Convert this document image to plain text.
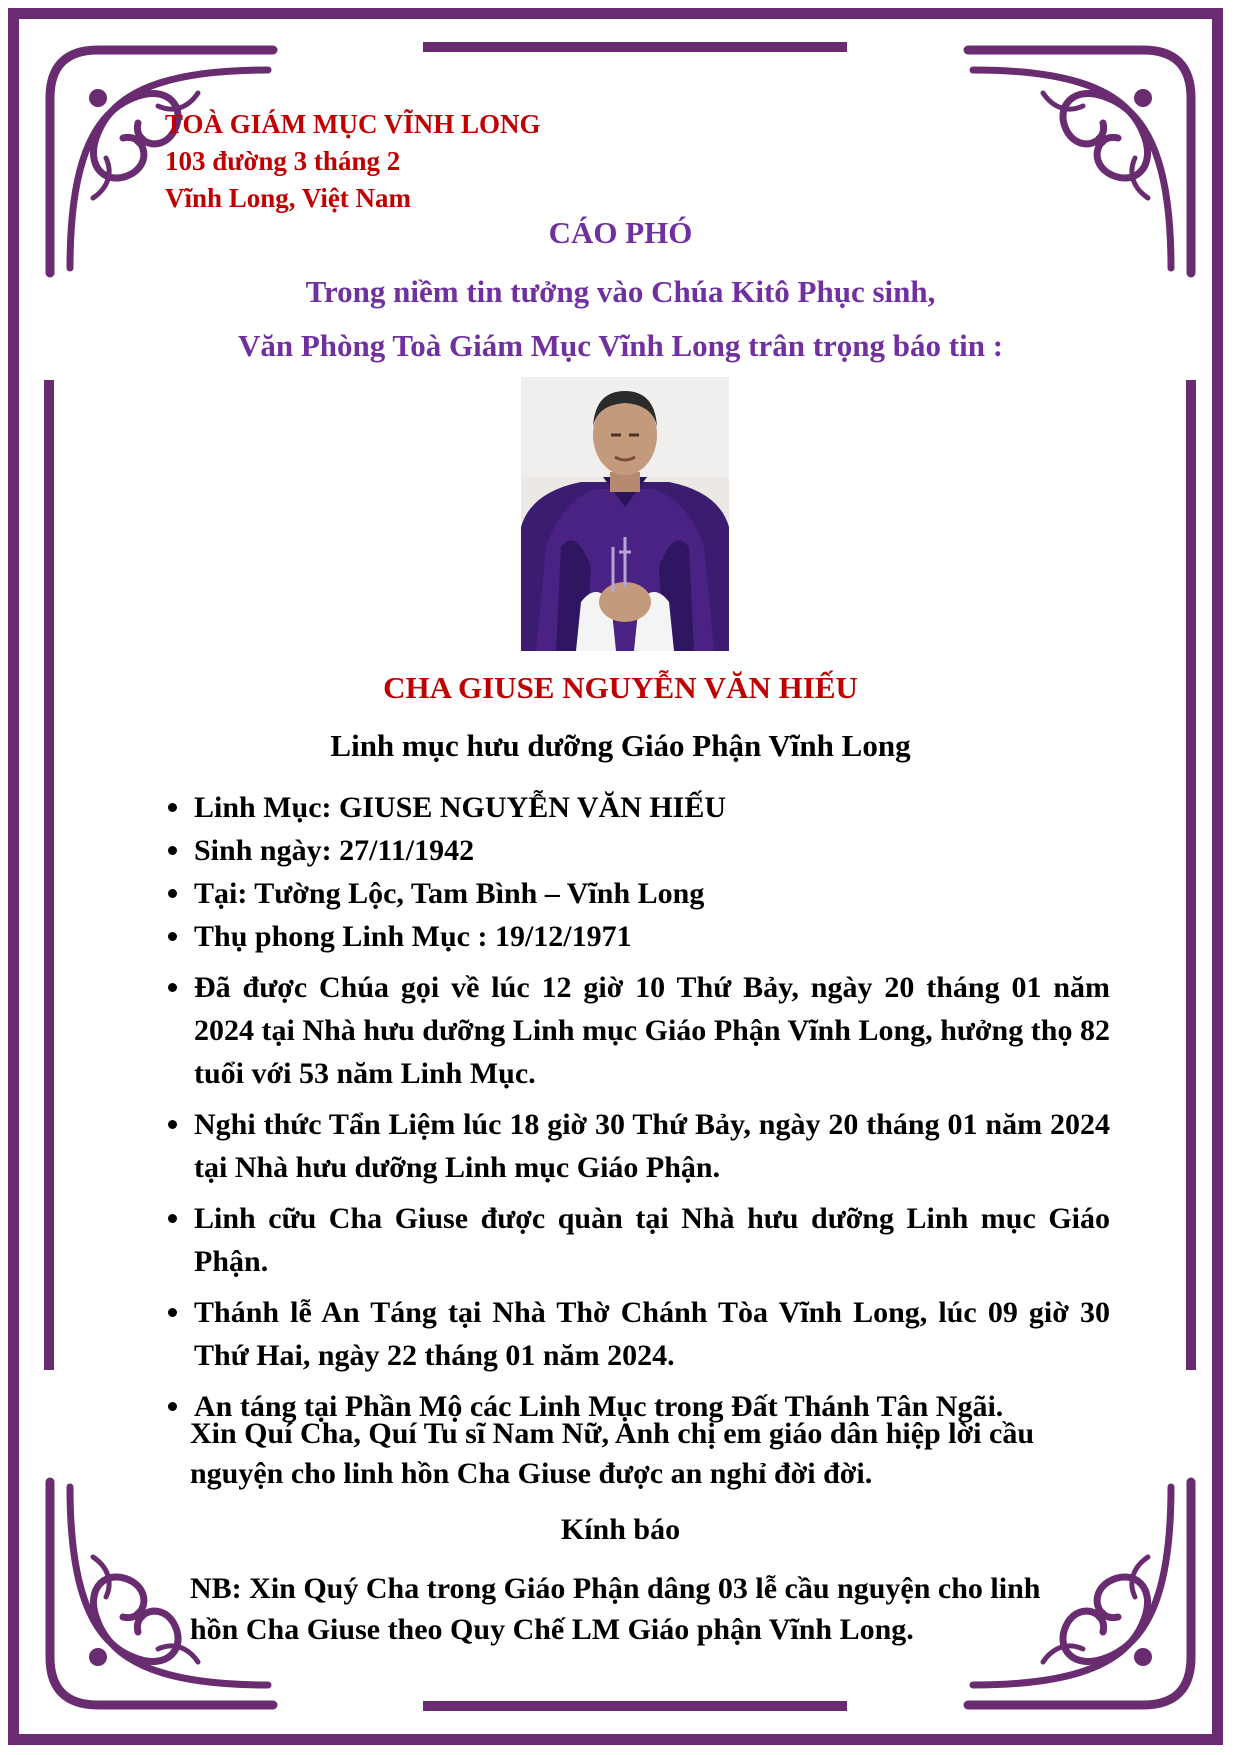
TOÀ GIÁM MỤC VĨNH LONG
103 đường 3 tháng 2
Vĩnh Long, Việt Nam
CÁO PHÓ
Trong niềm tin tưởng vào Chúa Kitô Phục sinh,
Văn Phòng Toà Giám Mục Vĩnh Long trân trọng báo tin :
CHA GIUSE NGUYỄN VĂN HIẾU
Linh mục hưu dưỡng Giáo Phận Vĩnh Long
Linh Mục: GIUSE NGUYỄN VĂN HIẾU
Sinh ngày: 27/11/1942
Tại: Tường Lộc, Tam Bình – Vĩnh Long
Thụ phong Linh Mục : 19/12/1971
Đã được Chúa gọi về lúc 12 giờ 10 Thứ Bảy, ngày 20 tháng 01 năm 2024 tại Nhà hưu dưỡng Linh mục Giáo Phận Vĩnh Long, hưởng thọ 82 tuổi với 53 năm Linh Mục.
Nghi thức Tẩn Liệm lúc 18 giờ 30 Thứ Bảy, ngày 20 tháng 01 năm 2024 tại Nhà hưu dưỡng Linh mục Giáo Phận.
Linh cữu Cha Giuse được quàn tại Nhà hưu dưỡng Linh mục Giáo Phận.
Thánh lễ An Táng tại Nhà Thờ Chánh Tòa Vĩnh Long, lúc 09 giờ 30 Thứ Hai, ngày 22 tháng 01 năm 2024.
An táng tại Phần Mộ các Linh Mục trong Đất Thánh Tân Ngãi.
Xin Quí Cha, Quí Tu sĩ Nam Nữ, Anh chị em giáo dân hiệp lời cầu nguyện cho linh hồn Cha Giuse được an nghỉ đời đời.
Kính báo
NB: Xin Quý Cha trong Giáo Phận dâng 03 lễ cầu nguyện cho linh hồn Cha Giuse theo Quy Chế LM Giáo phận Vĩnh Long.
